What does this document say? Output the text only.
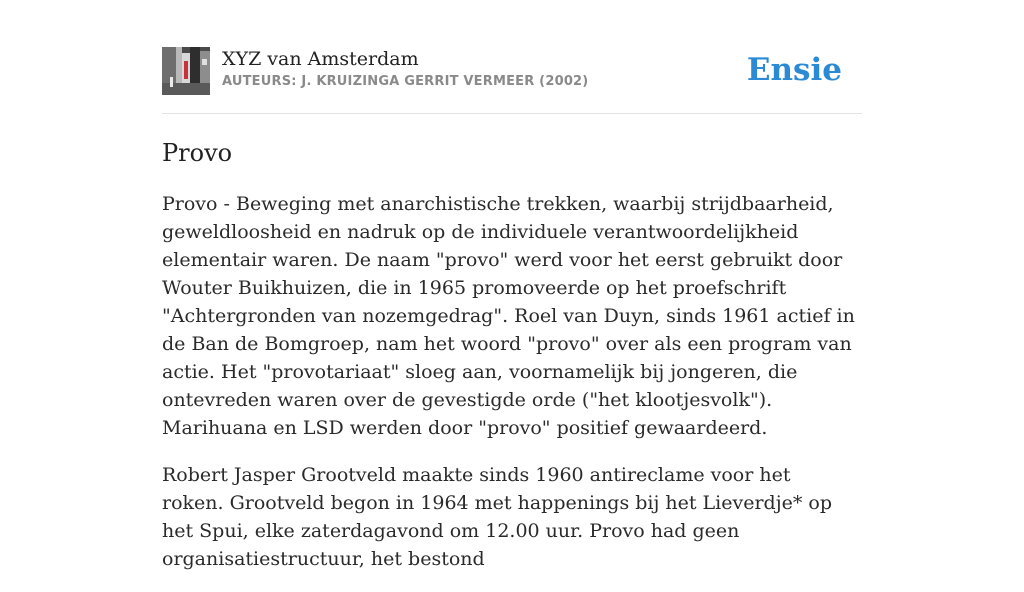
XYZ van Amsterdam
AUTEURS: J. KRUIZINGA GERRIT VERMEER (2002)	Ensie
Provo

Provo - Beweging met anarchistische trekken, waarbij strijdbaarheid, geweldloosheid en nadruk op de individuele verantwoordelijkheid elementair waren. De naam "provo" werd voor het eerst gebruikt door Wouter Buikhuizen, die in 1965 promoveerde op het proefschrift "Achtergronden van nozemgedrag". Roel van Duyn, sinds 1961 actief in de Ban de Bomgroep, nam het woord "provo" over als een program van actie. Het "provotariaat" sloeg aan, voornamelijk bij jongeren, die ontevreden waren over de gevestigde orde ("het klootjesvolk"). Marihuana en LSD werden door "provo" positief gewaardeerd.

Robert Jasper Grootveld maakte sinds 1960 antireclame voor het roken. Grootveld begon in 1964 met happenings bij het Lieverdje* op het Spui, elke zaterdagavond om 12.00 uur. Provo had geen organisatiestructuur, het bestond
